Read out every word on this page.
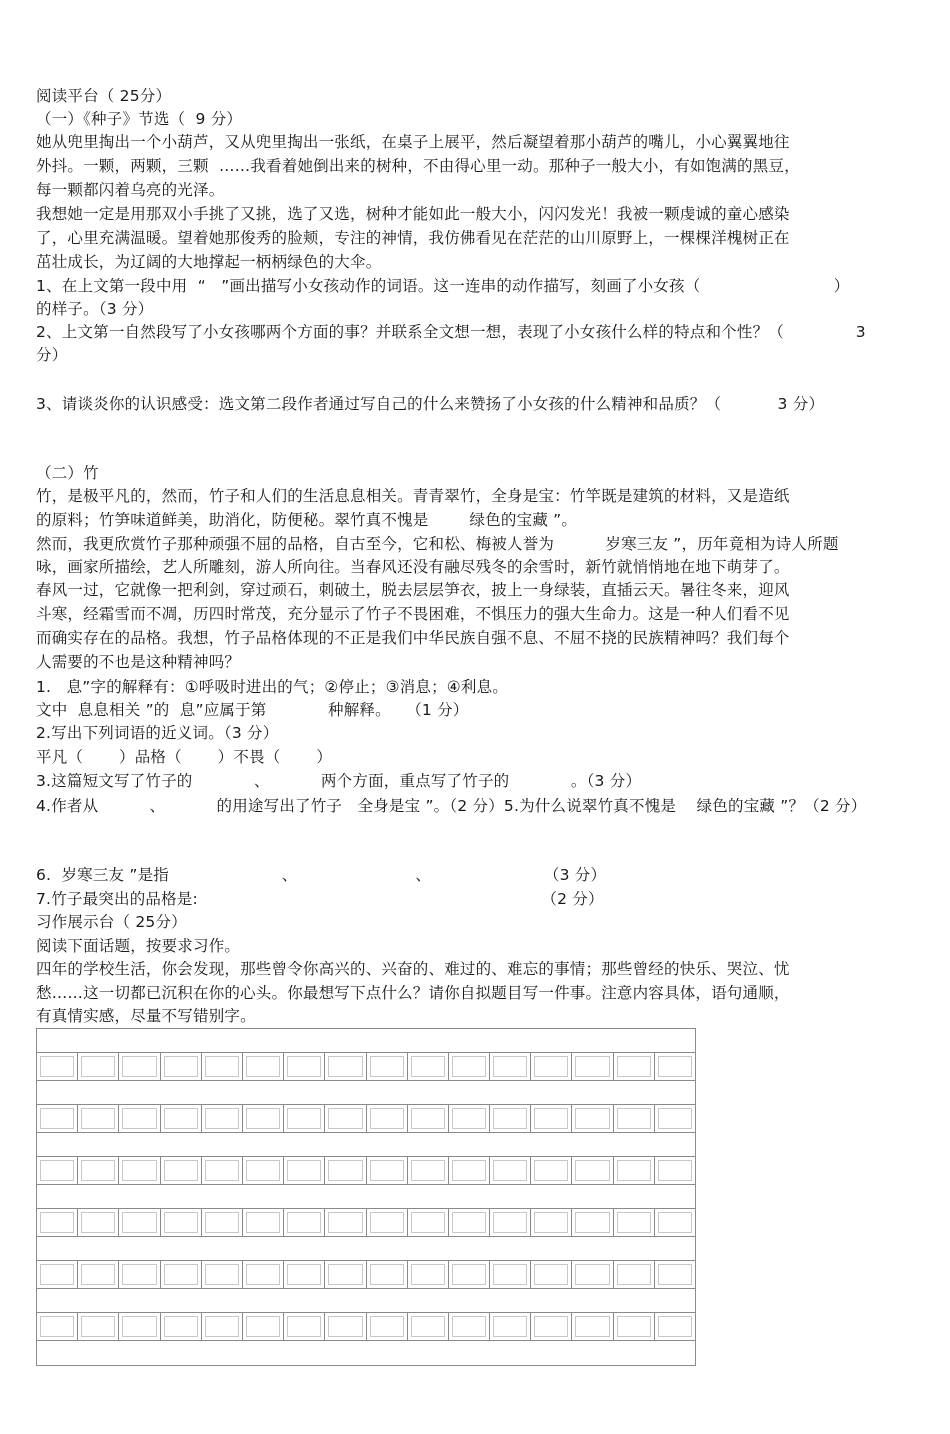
阅读平台（ 25分）
（一）《种子》节选（  9 分）
她从兜里掏出一个小葫芦，又从兜里掏出一张纸，在桌子上展平，然后凝望着那小葫芦的嘴儿，小心翼翼地往
外抖。一颗，两颗，三颗  ……我看着她倒出来的树种，不由得心里一动。那种子一般大小，有如饱满的黑豆，
每一颗都闪着乌亮的光泽。
我想她一定是用那双小手挑了又挑，选了又选，树种才能如此一般大小，闪闪发光！我被一颗虔诚的童心感染
了，心里充满温暖。望着她那俊秀的脸颊，专注的神情，我仿佛看见在茫茫的山川原野上，一棵棵洋槐树正在
茁壮成长，为辽阔的大地撑起一柄柄绿色的大伞。
1、在上文第一段中用  “   ”画出描写小女孩动作的词语。这一连串的动作描写，刻画了小女孩（                          ）
的样子。（3 分）
2、上文第一自然段写了小女孩哪两个方面的事？并联系全文想一想，表现了小女孩什么样的特点和个性？（              3
分）
3、请谈炎你的认识感受：选文第二段作者通过写自己的什么来赞扬了小女孩的什么精神和品质？（           3 分）
（二）竹
竹，是极平凡的，然而，竹子和人们的生活息息相关。青青翠竹，全身是宝：竹竿既是建筑的材料，又是造纸
的原料；竹笋味道鲜美，助消化，防便秘。翠竹真不愧是        绿色的宝藏 ”。
然而，我更欣赏竹子那种顽强不屈的品格，自古至今，它和松、梅被人誉为          岁寒三友 ”，历年竟相为诗人所题
咏，画家所描绘，艺人所雕刻，游人所向往。当春风还没有融尽残冬的余雪时，新竹就悄悄地在地下萌芽了。
春风一过，它就像一把利剑，穿过顽石，刺破土，脱去层层笋衣，披上一身绿装，直插云天。暑往冬来，迎风
斗寒，经霜雪而不凋，历四时常茂，充分显示了竹子不畏困难，不惧压力的强大生命力。这是一种人们看不见
而确实存在的品格。我想，竹子品格体现的不正是我们中华民族自强不息、不屈不挠的民族精神吗？我们每个
人需要的不也是这种精神吗？
1.   息”字的解释有：①呼吸时进出的气；②停止；③消息；④利息。
文中  息息相关 ”的  息”应属于第            种解释。   （1 分）
2.写出下列词语的近义词。（3 分）
平凡（       ）品格（       ）不畏（       ）
3.这篇短文写了竹子的            、          两个方面，重点写了竹子的            。（3 分）
4.作者从          、          的用途写出了竹子   全身是宝 ”。（2 分）5.为什么说翠竹真不愧是    绿色的宝藏 ”？（2 分）
6.  岁寒三友 ”是指                      、                       、                      （3 分）
7.竹子最突出的品格是:                                                                   （2 分）
习作展示台（ 25分）
阅读下面话题，按要求习作。
四年的学校生活，你会发现，那些曾令你高兴的、兴奋的、难过的、难忘的事情；那些曾经的快乐、哭泣、忧
愁……这一切都已沉积在你的心头。你最想写下点什么？请你自拟题目写一件事。注意内容具体，语句通顺，
有真情实感，尽量不写错别字。
